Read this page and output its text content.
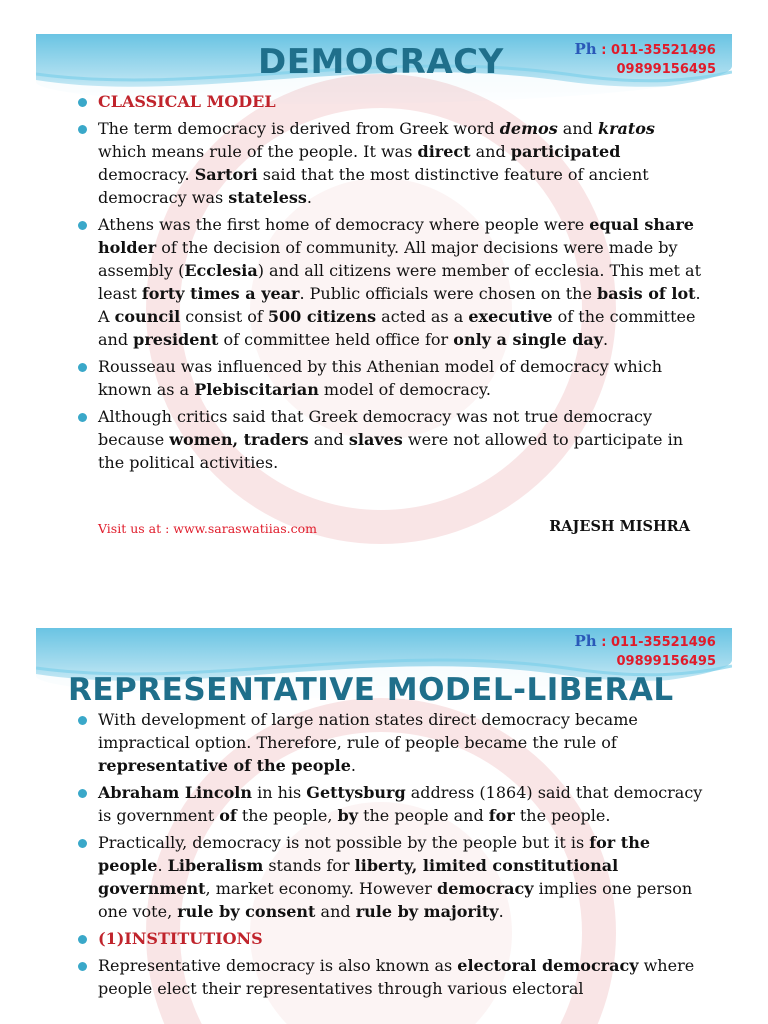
DEMOCRACY	Ph : 011-35521496
09899156495
CLASSICAL MODEL
The term democracy is derived from Greek word demos and kratos which means rule of the people. It was direct and participated democracy. Sartori said that the most distinctive feature of ancient democracy was stateless.
Athens was the first home of democracy where people were equal share holder of the decision of community. All major decisions were made by assembly (Ecclesia) and all citizens were member of ecclesia. This met at least forty times a year. Public officials were chosen on the basis of lot. A council consist of 500 citizens acted as a executive of the committee and president of committee held office for only a single day.
Rousseau was influenced by this Athenian model of democracy which known as a Plebiscitarian model of democracy.
Although critics said that Greek democracy was not true democracy because women, traders and slaves were not allowed to participate in the political activities.
Visit us at : www.saraswatiias.com	RAJESH MISHRA
Ph : 011-35521496
09899156495
REPRESENTATIVE MODEL-LIBERAL
With development of large nation states direct democracy became impractical option. Therefore, rule of people became the rule of representative of the people.
Abraham Lincoln in his Gettysburg address (1864) said that democracy is government of the people, by the people and for the people.
Practically, democracy is not possible by the people but it is for the people. Liberalism stands for liberty, limited constitutional government, market economy. However democracy implies one person one vote, rule by consent and rule by majority.
(1)INSTITUTIONS
Representative democracy is also known as electoral democracy where people elect their representatives through various electoral
